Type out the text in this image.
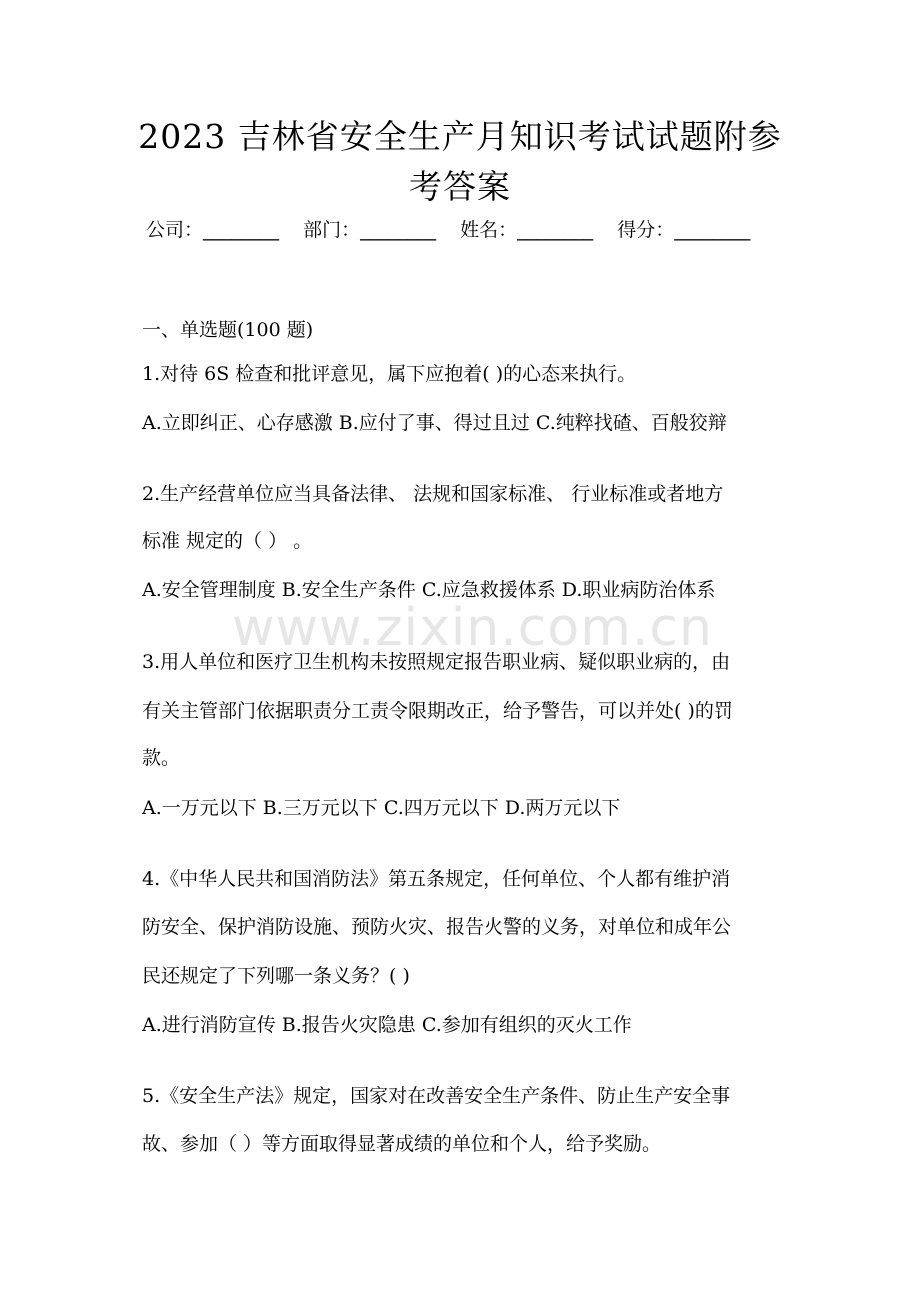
2023 吉林省安全生产月知识考试试题附参
考答案
公司：________ 部门：________ 姓名：________ 得分：________
一、单选题(100 题)
1.对待 6S 检查和批评意见，属下应抱着( )的心态来执行。
A.立即纠正、心存感激 B.应付了事、得过且过 C.纯粹找碴、百般狡辩
2.生产经营单位应当具备法律、 法规和国家标准、 行业标准或者地方
标准 规定的（ ） 。
A.安全管理制度 B.安全生产条件 C.应急救援体系 D.职业病防治体系
3.用人单位和医疗卫生机构未按照规定报告职业病、疑似职业病的，由
有关主管部门依据职责分工责令限期改正，给予警告，可以并处( )的罚
款。
A.一万元以下 B.三万元以下 C.四万元以下 D.两万元以下
4.《中华人民共和国消防法》第五条规定，任何单位、个人都有维护消
防安全、保护消防设施、预防火灾、报告火警的义务，对单位和成年公
民还规定了下列哪一条义务？( )
A.进行消防宣传 B.报告火灾隐患 C.参加有组织的灭火工作
5.《安全生产法》规定，国家对在改善安全生产条件、防止生产安全事
故、参加（ ）等方面取得显著成绩的单位和个人，给予奖励。
www.zixin.com.cn
